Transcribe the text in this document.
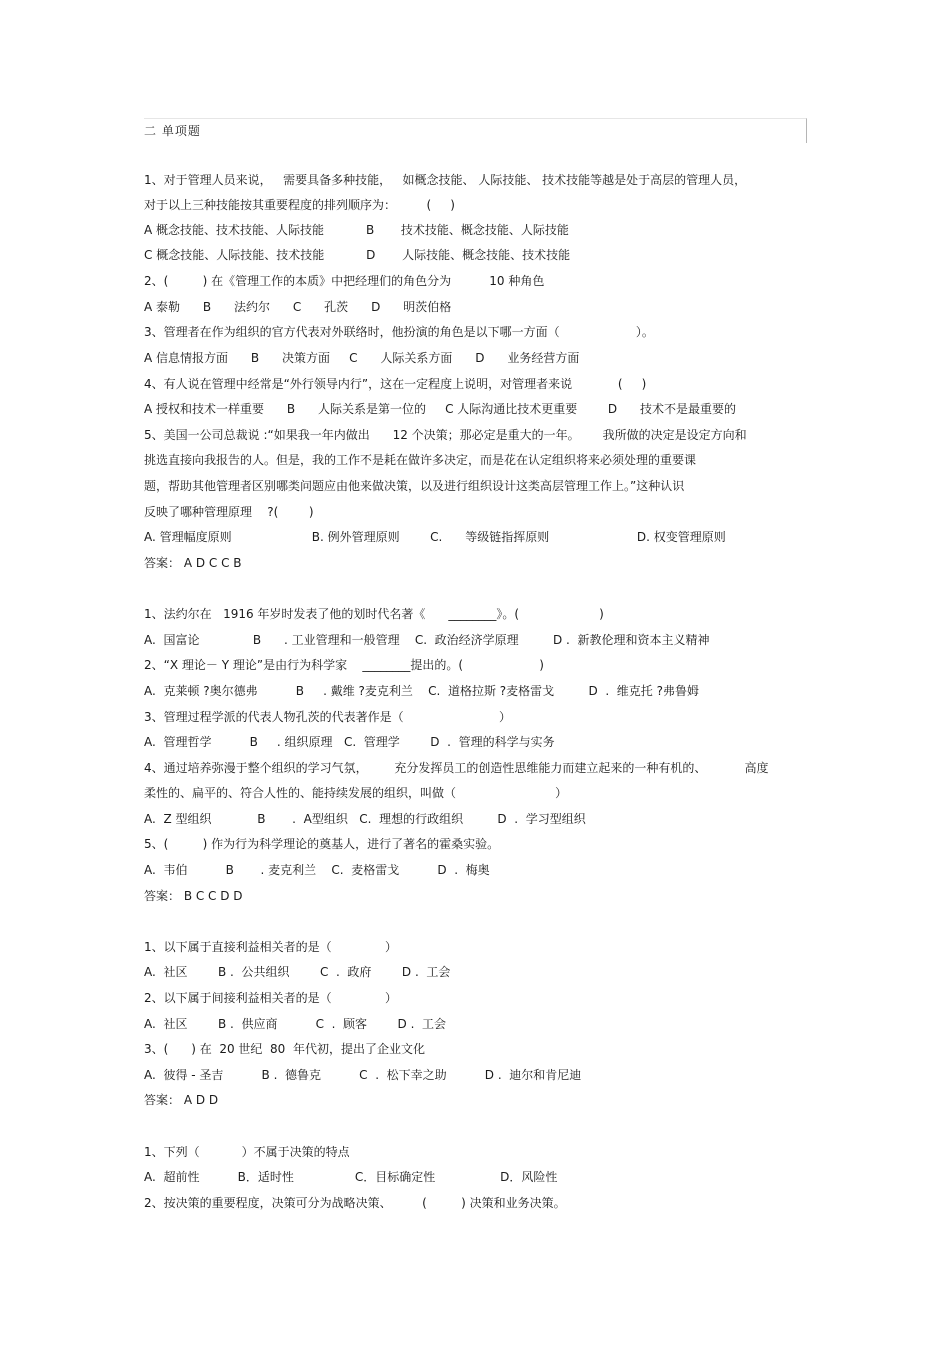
二 单项题
1、对于管理人员来说，   需要具备多种技能，   如概念技能、 人际技能、 技术技能等越是处于高层的管理人员，
对于以上三种技能按其重要程度的排列顺序为：        (     )
A 概念技能、技术技能、人际技能           B       技术技能、概念技能、人际技能
C 概念技能、人际技能、技术技能           D       人际技能、概念技能、技术技能
2、(         ) 在《管理工作的本质》中把经理们的角色分为          10 种角色
A 泰勒      B      法约尔      C      孔茨      D      明茨伯格
3、管理者在作为组织的官方代表对外联络时，他扮演的角色是以下哪一方面（                    ）。
A 信息情报方面      B      决策方面     C      人际关系方面      D      业务经营方面
4、有人说在管理中经常是“外行领导内行”，这在一定程度上说明，对管理者来说            (     )
A 授权和技术一样重要      B      人际关系是第一位的     C 人际沟通比技术更重要        D      技术不是最重要的
5、美国一公司总裁说 :“如果我一年内做出      12 个决策；那必定是重大的一年。      我所做的决定是设定方向和
挑选直接向我报告的人。但是，我的工作不是耗在做许多决定，而是花在认定组织将来必须处理的重要课
题，帮助其他管理者区别哪类问题应由他来做决策，以及进行组织设计这类高层管理工作上。”这种认识
反映了哪种管理原理    ?(        )
A. 管理幅度原则                     B. 例外管理原则        C.      等级链指挥原则                       D. 权变管理原则
答案： A D C C B
1、法约尔在   1916 年岁时发表了他的划时代名著《      ________》。(                     )
A.  国富论              B      . 工业管理和一般管理    C.  政治经济学原理         D .  新教伦理和资本主义精神
2、“X 理论－ Y 理论”是由行为科学家    ________提出的。(                    )
A.  克莱顿 ?奥尔德弗          B     . 戴维 ?麦克利兰    C.  道格拉斯 ?麦格雷戈         D  .  维克托 ?弗鲁姆
3、管理过程学派的代表人物孔茨的代表著作是（                         ）
A.  管理哲学          B     . 组织原理   C.  管理学        D  .  管理的科学与实务
4、通过培养弥漫于整个组织的学习气氛，       充分发挥员工的创造性思维能力而建立起来的一种有机的、          高度
柔性的、扁平的、符合人性的、能持续发展的组织，叫做（                          ）
A.  Z 型组织            B       .  A型组织   C.  理想的行政组织         D  .  学习型组织
5、(         ) 作为行为科学理论的奠基人，进行了著名的霍桑实验。
A.  韦伯          B       . 麦克利兰    C.  麦格雷戈          D  .  梅奥
答案： B C C D D
1、以下属于直接利益相关者的是（              ）
A.  社区        B .  公共组织        C  .  政府        D .  工会
2、以下属于间接利益相关者的是（              ）
A.  社区        B .  供应商          C  .  顾客        D .  工会
3、(      ) 在  20 世纪  80  年代初，提出了企业文化
A.  彼得 - 圣吉          B .  德鲁克          C  .  松下幸之助          D .  迪尔和肯尼迪
答案： A D D
1、下列（           ）不属于决策的特点
A.  超前性          B．适时性                C．目标确定性                 D．风险性
2、按决策的重要程度，决策可分为战略决策、        (         ) 决策和业务决策。
